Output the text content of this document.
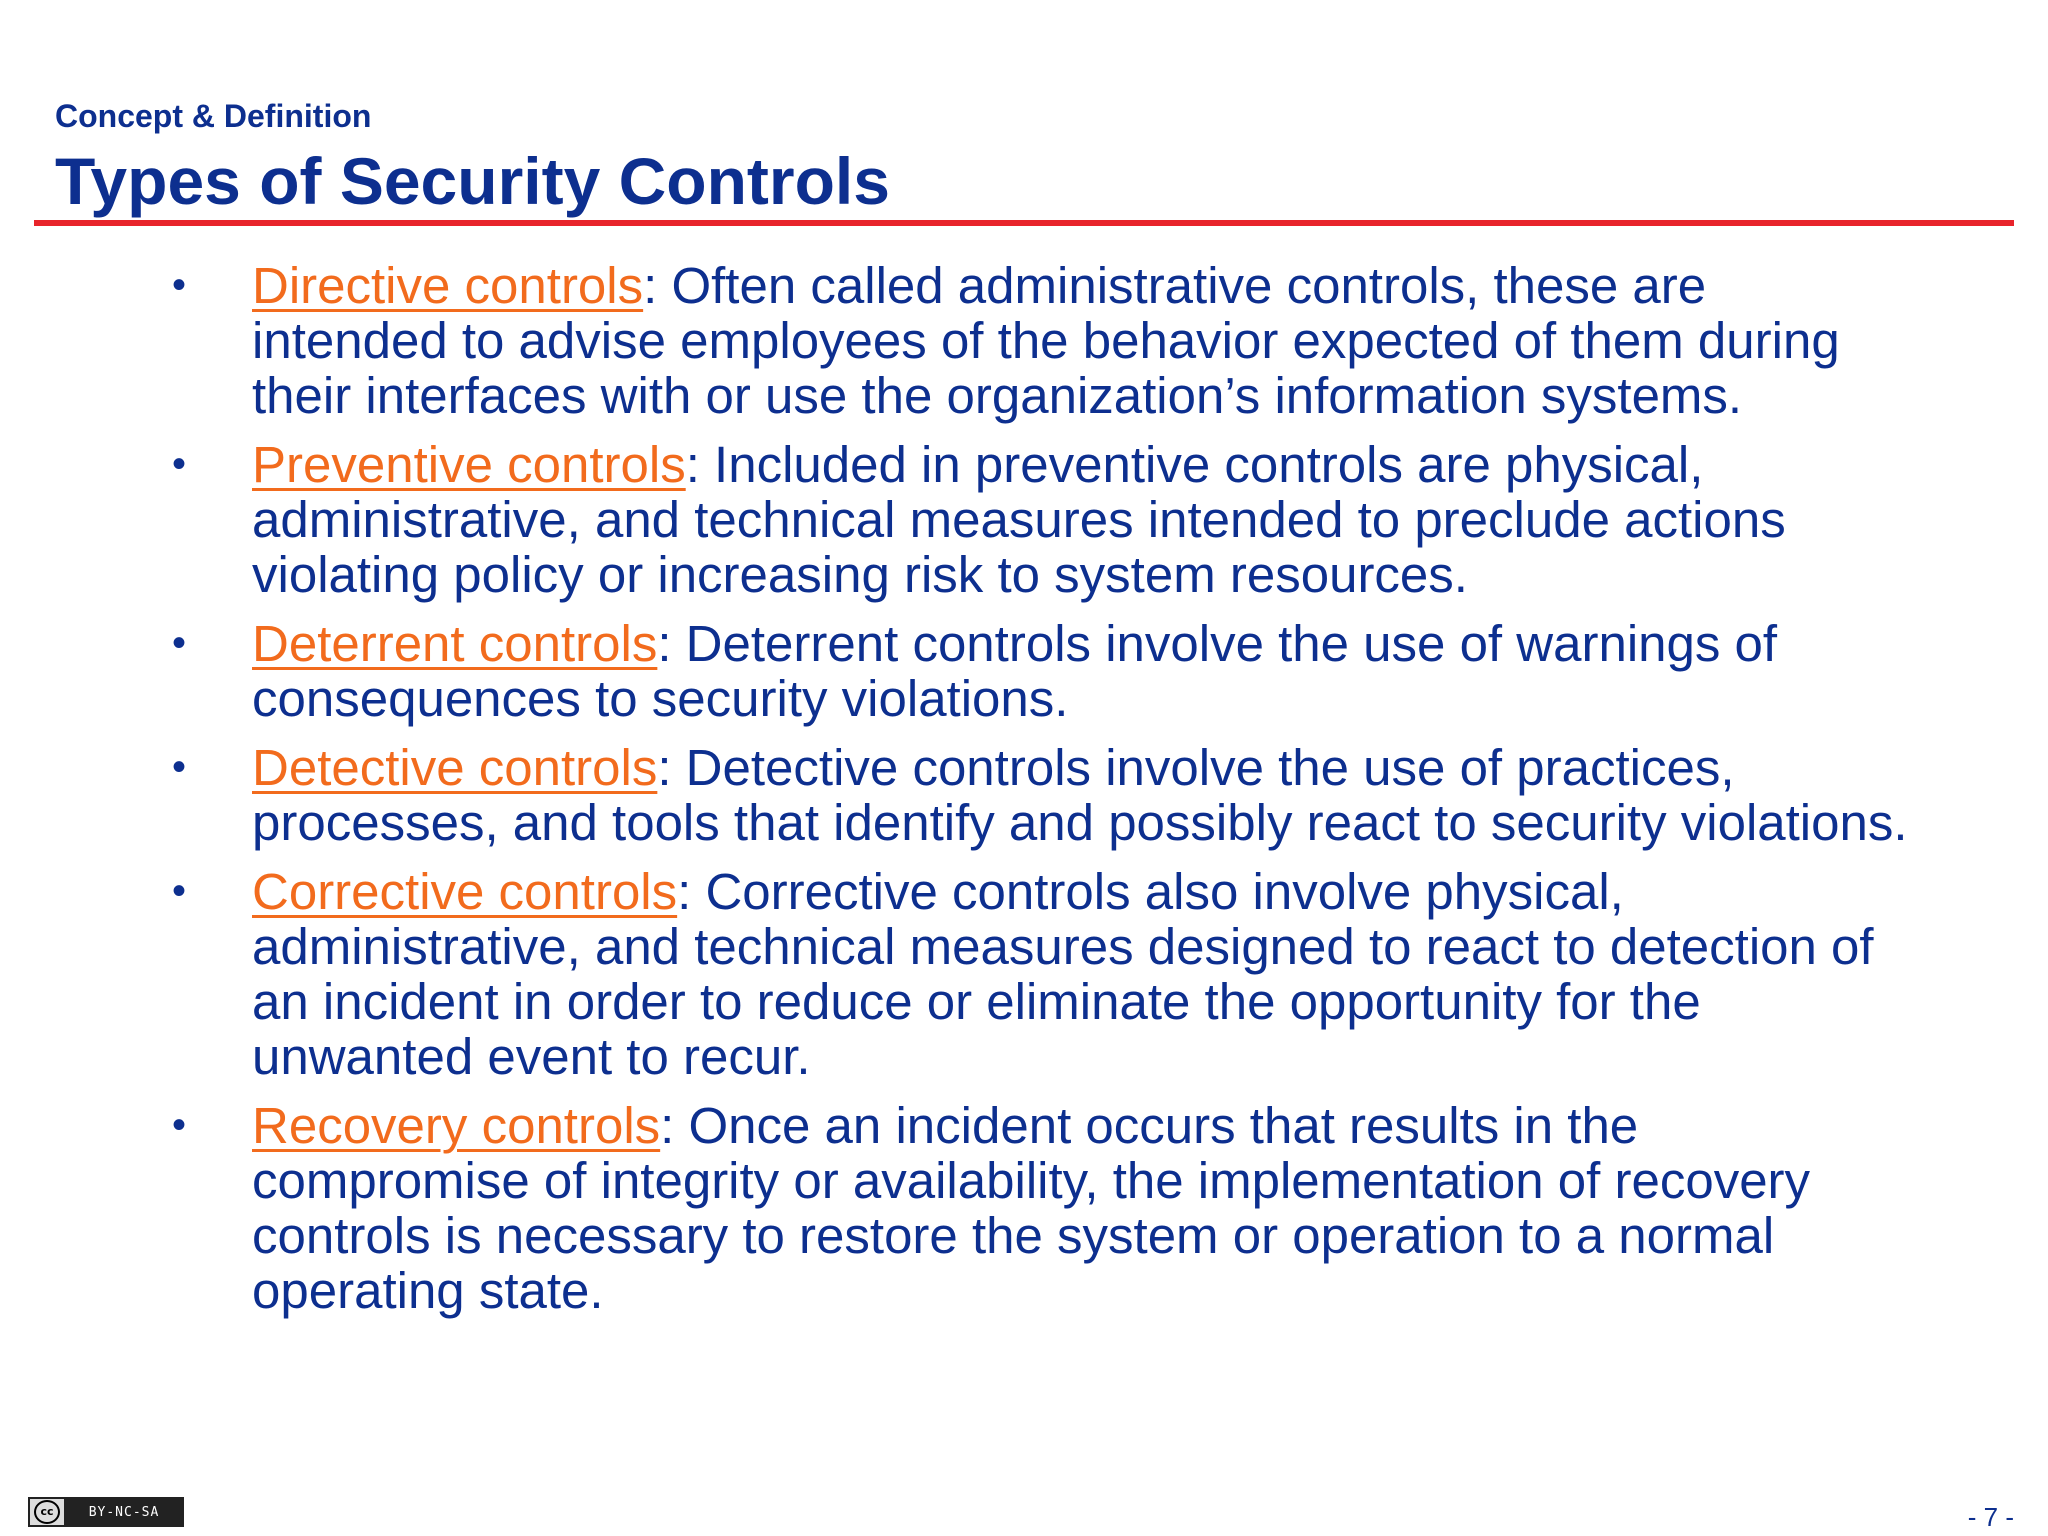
Concept & Definition
Types of Security Controls
•	Directive controls: Often called administrative controls, these are intended to advise employees of the behavior expected of them during their interfaces with or use the organization’s information systems.
•	Preventive controls: Included in preventive controls are physical, administrative, and technical measures intended to preclude actions violating policy or increasing risk to system resources.
•	Deterrent controls: Deterrent controls involve the use of warnings of consequences to security violations.
•	Detective controls: Detective controls involve the use of practices, processes, and tools that identify and possibly react to security violations.
•	Corrective controls: Corrective controls also involve physical, administrative, and technical measures designed to react to detection of an incident in order to reduce or eliminate the opportunity for the unwanted event to recur.
•	Recovery controls: Once an incident occurs that results in the compromise of integrity or availability, the implementation of recovery controls is necessary to restore the system or operation to a normal operating state.
cc	BY-NC-SA	- 7 -
